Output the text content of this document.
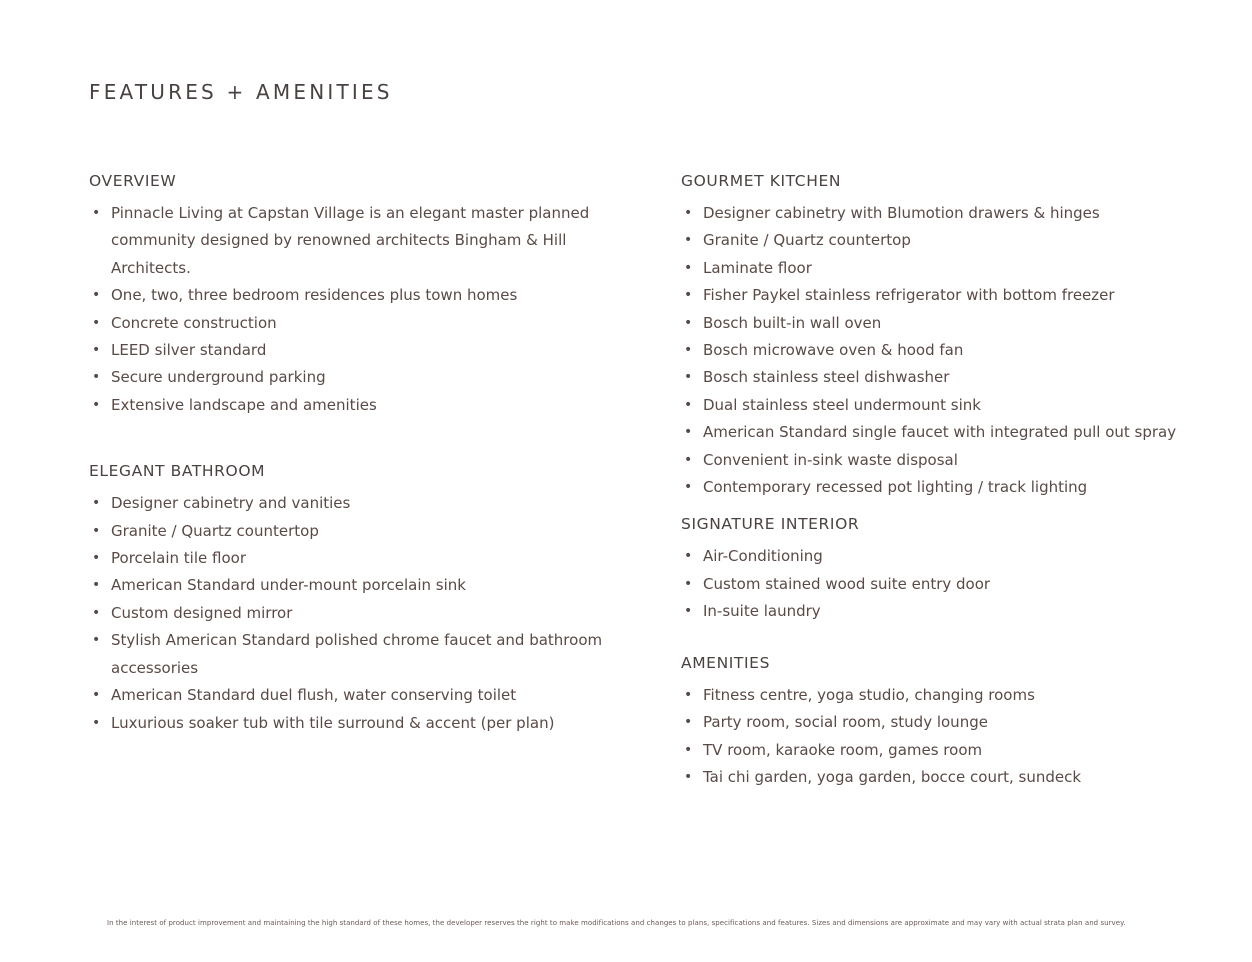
FEATURES + AMENITIES
OVERVIEW
• Pinnacle Living at Capstan Village is an elegant master planned community designed by renowned architects Bingham & Hill Architects.
• One, two, three bedroom residences plus town homes
• Concrete construction
• LEED silver standard
• Secure underground parking
• Extensive landscape and amenities
ELEGANT BATHROOM
• Designer cabinetry and vanities
• Granite / Quartz countertop
• Porcelain tile floor
• American Standard under-mount porcelain sink
• Custom designed mirror
• Stylish American Standard polished chrome faucet and bathroom accessories
• American Standard duel flush, water conserving toilet
• Luxurious soaker tub with tile surround & accent (per plan)
GOURMET KITCHEN
• Designer cabinetry with Blumotion drawers & hinges
• Granite / Quartz countertop
• Laminate floor
• Fisher Paykel stainless refrigerator with bottom freezer
• Bosch built-in wall oven
• Bosch microwave oven & hood fan
• Bosch stainless steel dishwasher
• Dual stainless steel undermount sink
• American Standard single faucet with integrated pull out spray
• Convenient in-sink waste disposal
• Contemporary recessed pot lighting / track lighting
SIGNATURE INTERIOR
• Air-Conditioning
• Custom stained wood suite entry door
• In-suite laundry
AMENITIES
• Fitness centre, yoga studio, changing rooms
• Party room, social room, study lounge
• TV room, karaoke room, games room
• Tai chi garden, yoga garden, bocce court, sundeck
In the interest of product improvement and maintaining the high standard of these homes, the developer reserves the right to make modifications and changes to plans, specifications and features. Sizes and dimensions are approximate and may vary with actual strata plan and survey.
